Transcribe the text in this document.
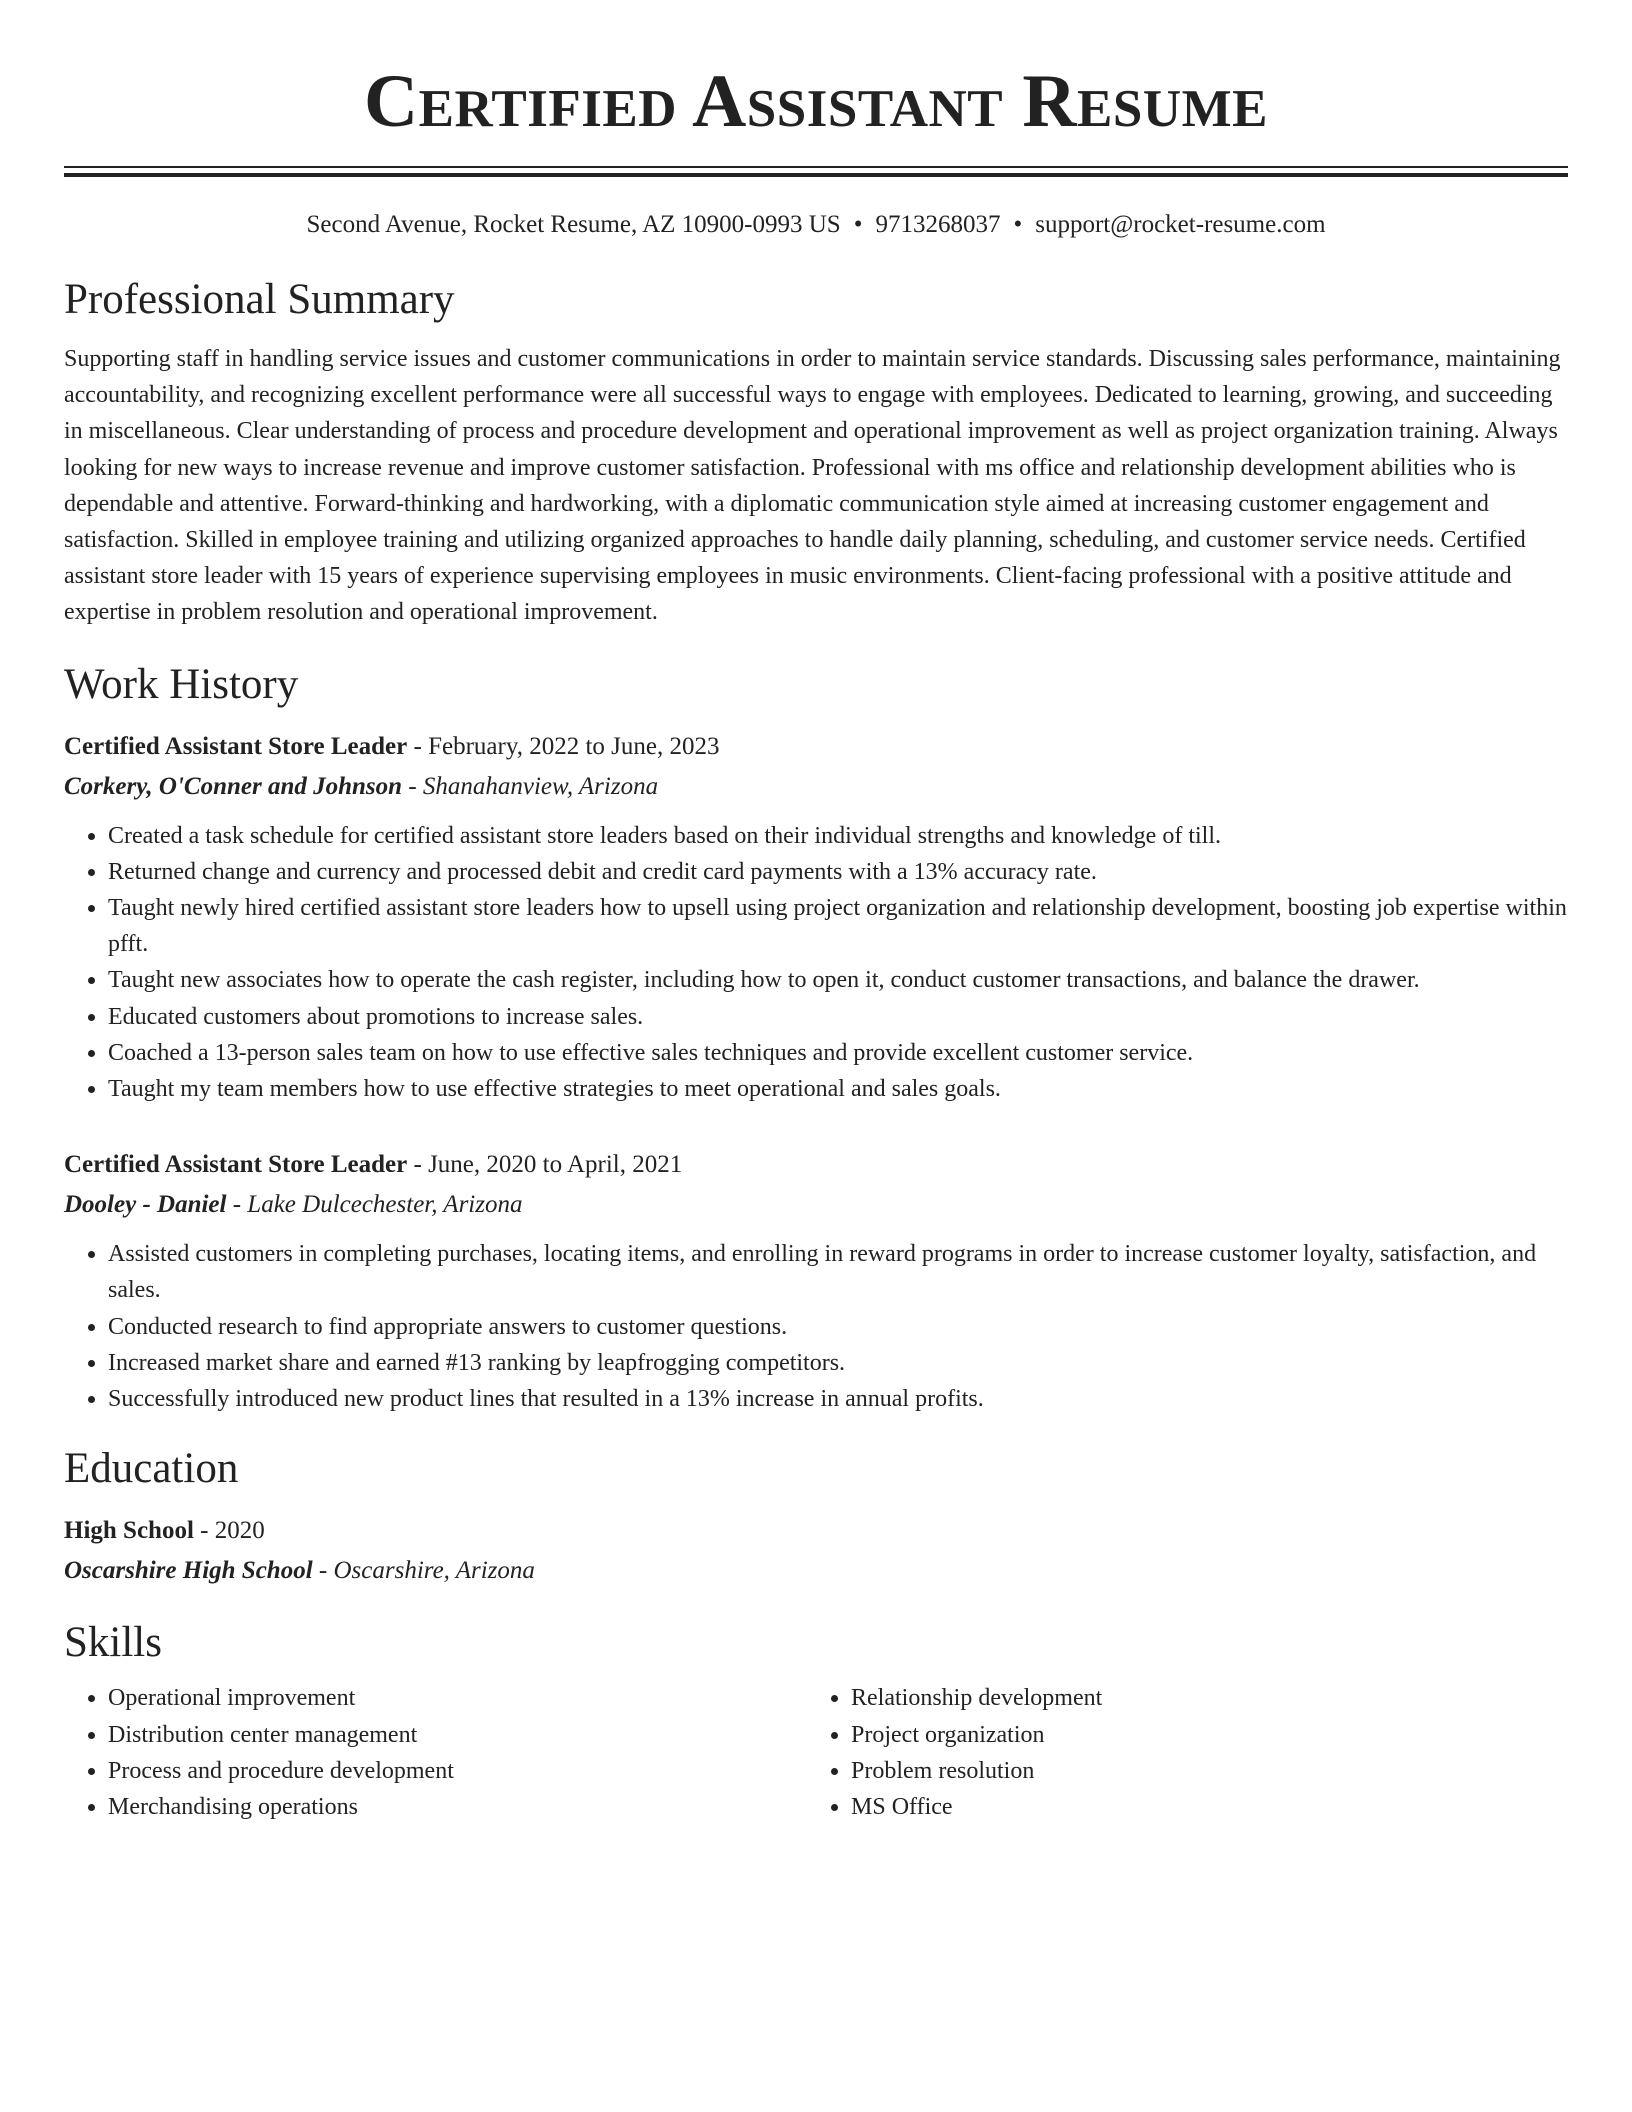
Certified Assistant Resume
Second Avenue, Rocket Resume, AZ 10900-0993 US • 9713268037 • support@rocket-resume.com
Professional Summary

Supporting staff in handling service issues and customer communications in order to maintain service standards. Discussing sales performance, maintaining accountability, and recognizing excellent performance were all successful ways to engage with employees. Dedicated to learning, growing, and succeeding in miscellaneous. Clear understanding of process and procedure development and operational improvement as well as project organization training. Always looking for new ways to increase revenue and improve customer satisfaction. Professional with ms office and relationship development abilities who is dependable and attentive. Forward-thinking and hardworking, with a diplomatic communication style aimed at increasing customer engagement and satisfaction. Skilled in employee training and utilizing organized approaches to handle daily planning, scheduling, and customer service needs. Certified assistant store leader with 15 years of experience supervising employees in music environments. Client-facing professional with a positive attitude and expertise in problem resolution and operational improvement.

Work History
Certified Assistant Store Leader - February, 2022 to June, 2023
Corkery, O'Conner and Johnson - Shanahanview, Arizona
• Created a task schedule for certified assistant store leaders based on their individual strengths and knowledge of till.
• Returned change and currency and processed debit and credit card payments with a 13% accuracy rate.
• Taught newly hired certified assistant store leaders how to upsell using project organization and relationship development, boosting job expertise within pfft.
• Taught new associates how to operate the cash register, including how to open it, conduct customer transactions, and balance the drawer.
• Educated customers about promotions to increase sales.
• Coached a 13-person sales team on how to use effective sales techniques and provide excellent customer service.
• Taught my team members how to use effective strategies to meet operational and sales goals.
Certified Assistant Store Leader - June, 2020 to April, 2021
Dooley - Daniel - Lake Dulcechester, Arizona
• Assisted customers in completing purchases, locating items, and enrolling in reward programs in order to increase customer loyalty, satisfaction, and sales.
• Conducted research to find appropriate answers to customer questions.
• Increased market share and earned #13 ranking by leapfrogging competitors.
• Successfully introduced new product lines that resulted in a 13% increase in annual profits.
Education
High School - 2020
Oscarshire High School - Oscarshire, Arizona
Skills
• Operational improvement
• Distribution center management
• Process and procedure development
• Merchandising operations
• Relationship development
• Project organization
• Problem resolution
• MS Office
